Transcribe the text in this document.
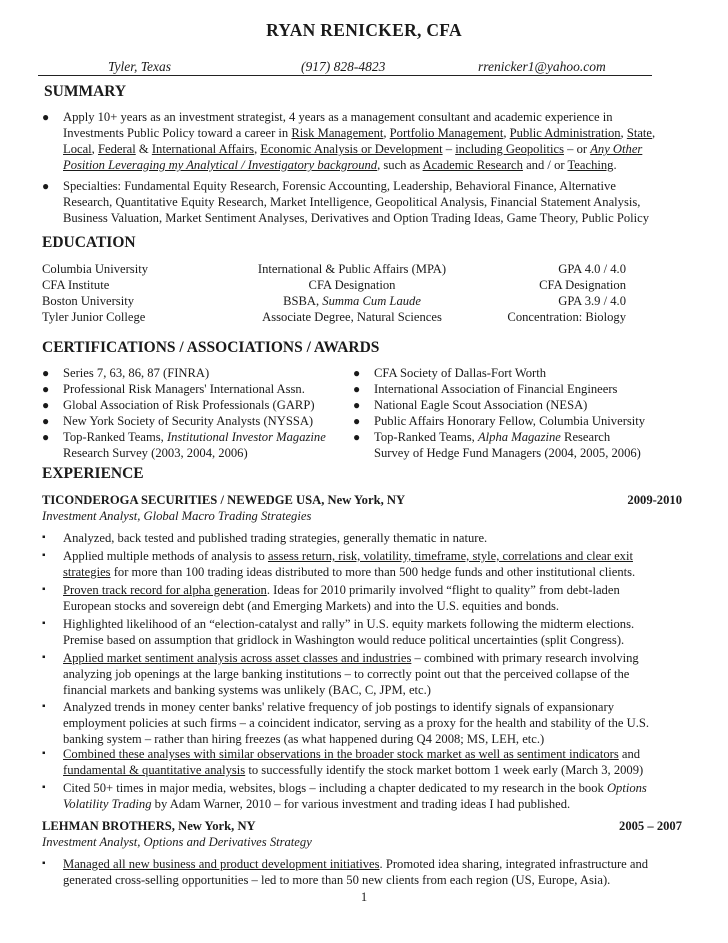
RYAN RENICKER, CFA
Tyler, Texas	(917) 828-4823	rrenicker1@yahoo.com
SUMMARY
● Apply 10+ years as an investment strategist, 4 years as a management consultant and academic experience in
Investments Public Policy toward a career in Risk Management, Portfolio Management, Public Administration, State,
Local, Federal & International Affairs, Economic Analysis or Development – including Geopolitics – or Any Other
Position Leveraging my Analytical / Investigatory background, such as Academic Research and / or Teaching.
● Specialties: Fundamental Equity Research, Forensic Accounting, Leadership, Behavioral Finance, Alternative
Research, Quantitative Equity Research, Market Intelligence, Geopolitical Analysis, Financial Statement Analysis,
Business Valuation, Market Sentiment Analyses, Derivatives and Option Trading Ideas, Game Theory, Public Policy
EDUCATION
Columbia University	International & Public Affairs (MPA)	GPA 4.0 / 4.0
CFA Institute	CFA Designation	CFA Designation
Boston University	BSBA, Summa Cum Laude	GPA 3.9 / 4.0
Tyler Junior College	Associate Degree, Natural Sciences	Concentration: Biology
CERTIFICATIONS / ASSOCIATIONS / AWARDS
● Series 7, 63, 86, 87 (FINRA)
● Professional Risk Managers' International Assn.
● Global Association of Risk Professionals (GARP)
● New York Society of Security Analysts (NYSSA)
● Top-Ranked Teams, Institutional Investor Magazine
Research Survey (2003, 2004, 2006)
● CFA Society of Dallas-Fort Worth
● International Association of Financial Engineers
● National Eagle Scout Association (NESA)
● Public Affairs Honorary Fellow, Columbia University
● Top-Ranked Teams, Alpha Magazine Research
Survey of Hedge Fund Managers (2004, 2005, 2006)
EXPERIENCE
TICONDEROGA SECURITIES / NEWEDGE USA, New York, NY	2009-2010
Investment Analyst, Global Macro Trading Strategies
▪	Analyzed, back tested and published trading strategies, generally thematic in nature.
▪	Applied multiple methods of analysis to assess return, risk, volatility, timeframe, style, correlations and clear exit
strategies for more than 100 trading ideas distributed to more than 500 hedge funds and other institutional clients.
▪	Proven track record for alpha generation. Ideas for 2010 primarily involved “flight to quality” from debt-laden
European stocks and sovereign debt (and Emerging Markets) and into the U.S. equities and bonds.
▪	Highlighted likelihood of an “election-catalyst and rally” in U.S. equity markets following the midterm elections.
Premise based on assumption that gridlock in Washington would reduce political uncertainties (split Congress).
▪	Applied market sentiment analysis across asset classes and industries – combined with primary research involving
analyzing job openings at the large banking institutions – to correctly point out that the perceived collapse of the
financial markets and banking systems was unlikely (BAC, C, JPM, etc.)
▪	Analyzed trends in money center banks' relative frequency of job postings to identify signals of expansionary
employment policies at such firms – a coincident indicator, serving as a proxy for the health and stability of the U.S.
banking system – rather than hiring freezes (as what happened during Q4 2008; MS, LEH, etc.)
▪	Combined these analyses with similar observations in the broader stock market as well as sentiment indicators and
fundamental & quantitative analysis to successfully identify the stock market bottom 1 week early (March 3, 2009)
▪	Cited 50+ times in major media, websites, blogs – including a chapter dedicated to my research in the book Options
Volatility Trading by Adam Warner, 2010 – for various investment and trading ideas I had published.
LEHMAN BROTHERS, New York, NY	2005 – 2007
Investment Analyst, Options and Derivatives Strategy
▪	Managed all new business and product development initiatives. Promoted idea sharing, integrated infrastructure and
generated cross-selling opportunities – led to more than 50 new clients from each region (US, Europe, Asia).
1
